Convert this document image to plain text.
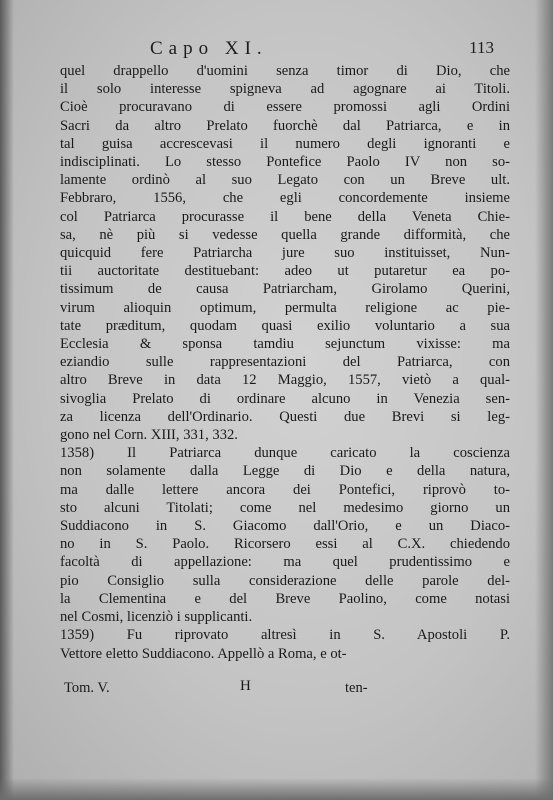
Capo XI.	113
quel drappello d'uomini senza timor di Dio, che
il solo interesse spigneva ad agognare ai Titoli.
Cioè procuravano di essere promossi agli Ordini
Sacri da altro Prelato fuorchè dal Patriarca, e in
tal guisa accrescevasi il numero degli ignoranti e
indisciplinati. Lo stesso Pontefice Paolo IV non so-
lamente ordinò al suo Legato con un Breve ult.
Febbraro, 1556, che egli concordemente insieme
col Patriarca procurasse il bene della Veneta Chie-
sa, nè più si vedesse quella grande difformità, che
quicquid fere Patriarcha jure suo instituisset, Nun-
tii auctoritate destituebant: adeo ut putaretur ea po-
tissimum de causa Patriarcham, Girolamo Querini,
virum alioquin optimum, permulta religione ac pie-
tate præditum, quodam quasi exilio voluntario a sua
Ecclesia & sponsa tamdiu sejunctum vixisse: ma
eziandio sulle rappresentazioni del Patriarca, con
altro Breve in data 12 Maggio, 1557, vietò a qual-
sivoglia Prelato di ordinare alcuno in Venezia sen-
za licenza dell'Ordinario. Questi due Brevi si leg-
gono nel Corn. XIII, 331, 332.
1358) Il Patriarca dunque caricato la coscienza
non solamente dalla Legge di Dio e della natura,
ma dalle lettere ancora dei Pontefici, riprovò to-
sto alcuni Titolati; come nel medesimo giorno un
Suddiacono in S. Giacomo dall'Orio, e un Diaco-
no in S. Paolo. Ricorsero essi al C.X. chiedendo
facoltà di appellazione: ma quel prudentissimo e
pio Consiglio sulla considerazione delle parole del-
la Clementina e del Breve Paolino, come notasi
nel Cosmi, licenziò i supplicanti.
1359) Fu riprovato altresì in S. Apostoli P.
Vettore eletto Suddiacono. Appellò a Roma, e ot-
Tom. V.	H	ten-
